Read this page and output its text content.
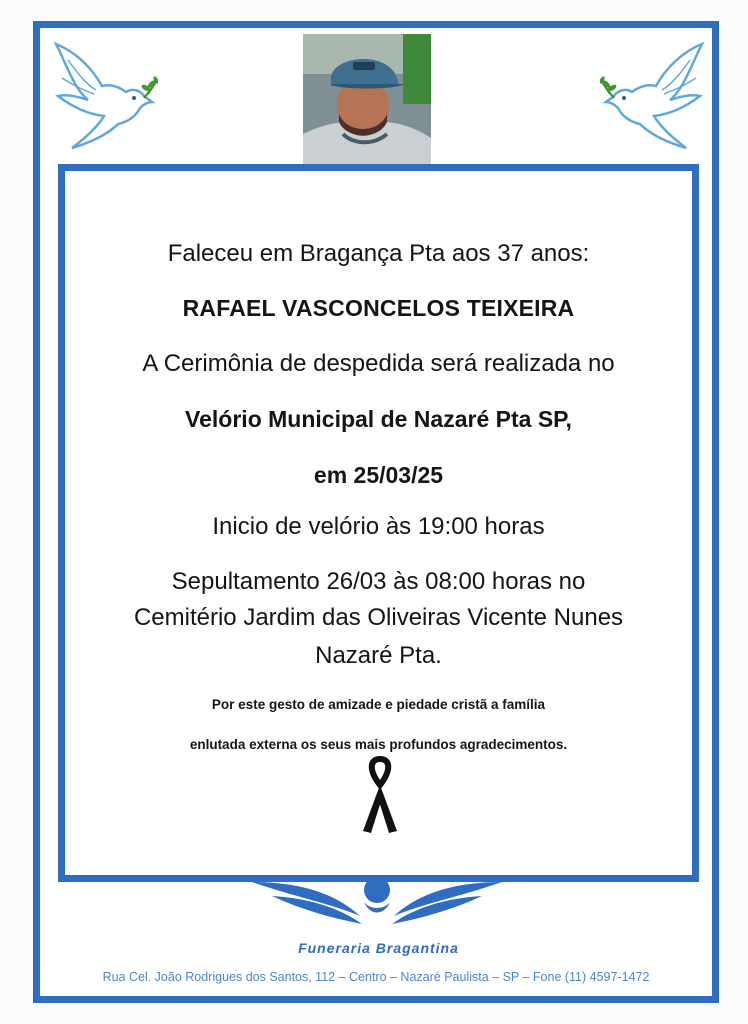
Faleceu em Bragança Pta aos 37 anos:
RAFAEL VASCONCELOS TEIXEIRA
A Cerimônia de despedida será realizada no
Velório Municipal de Nazaré Pta SP,
em 25/03/25
Inicio de velório às 19:00 horas
Sepultamento 26/03 às 08:00 horas no
Cemitério Jardim das Oliveiras Vicente Nunes
Nazaré Pta.
Por este gesto de amizade e piedade cristã a família
enlutada externa os seus mais profundos agradecimentos.
Funeraria Bragantina
Rua Cel. João Rodrigues dos Santos, 112 – Centro – Nazaré Paulista – SP – Fone (11) 4597-1472
